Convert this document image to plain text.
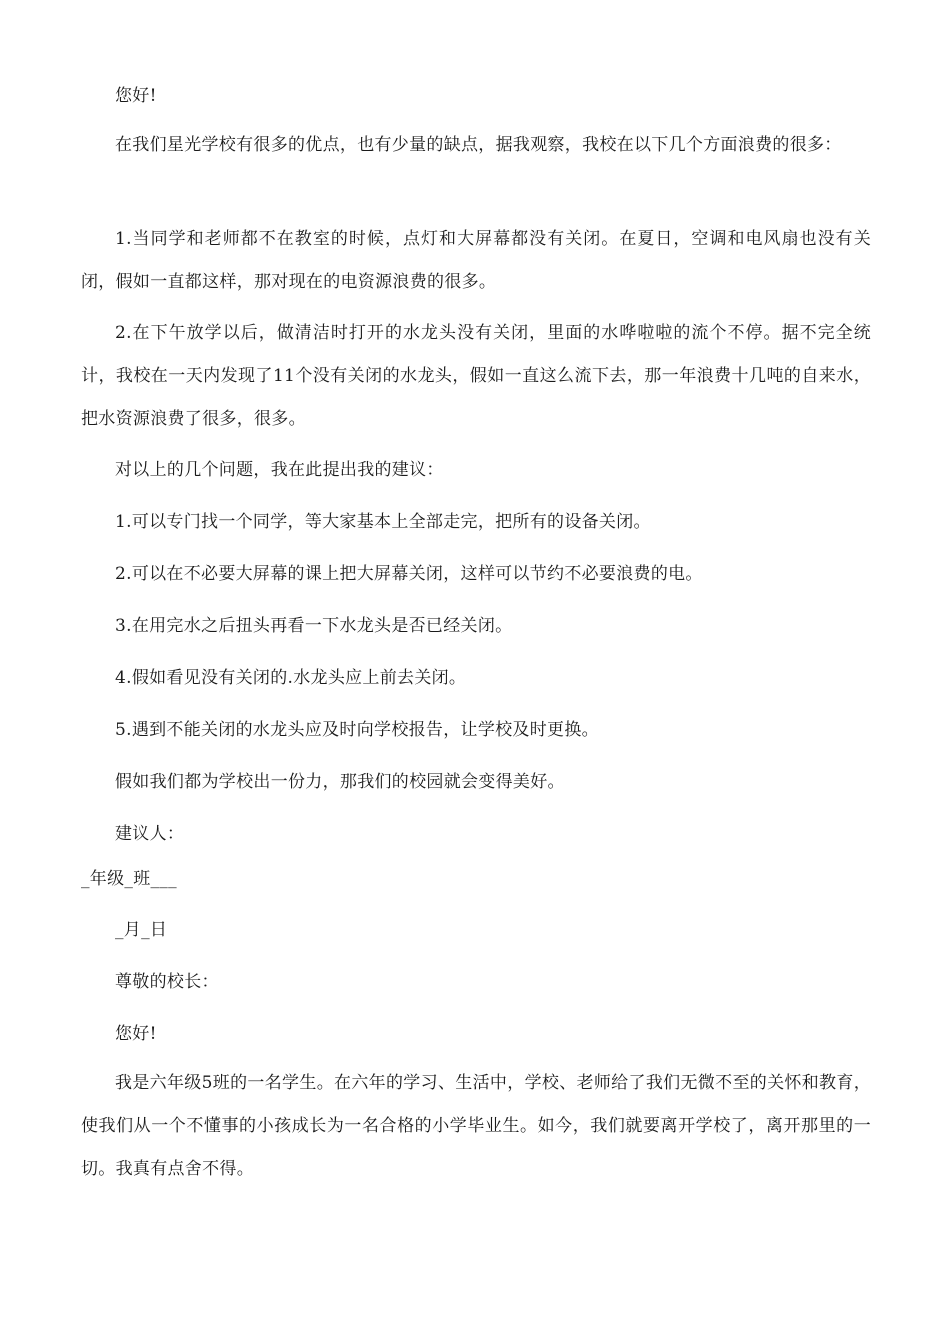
您好!

在我们星光学校有很多的优点，也有少量的缺点，据我观察，我校在以下几个方面浪费的很多：

1.当同学和老师都不在教室的时候，点灯和大屏幕都没有关闭。在夏日，空调和电风扇也没有关闭，假如一直都这样，那对现在的电资源浪费的很多。

2.在下午放学以后，做清洁时打开的水龙头没有关闭，里面的水哗啦啦的流个不停。据不完全统计，我校在一天内发现了11个没有关闭的水龙头，假如一直这么流下去，那一年浪费十几吨的自来水，把水资源浪费了很多，很多。

对以上的几个问题，我在此提出我的建议：
1.可以专门找一个同学，等大家基本上全部走完，把所有的设备关闭。
2.可以在不必要大屏幕的课上把大屏幕关闭，这样可以节约不必要浪费的电。
3.在用完水之后扭头再看一下水龙头是否已经关闭。
4.假如看见没有关闭的.水龙头应上前去关闭。
5.遇到不能关闭的水龙头应及时向学校报告，让学校及时更换。
假如我们都为学校出一份力，那我们的校园就会变得美好。
建议人：
_年级_班___
_月_日
尊敬的校长：
您好!

我是六年级5班的一名学生。在六年的学习、生活中，学校、老师给了我们无微不至的关怀和教育，使我们从一个不懂事的小孩成长为一名合格的小学毕业生。如今，我们就要离开学校了，离开那里的一切。我真有点舍不得。
